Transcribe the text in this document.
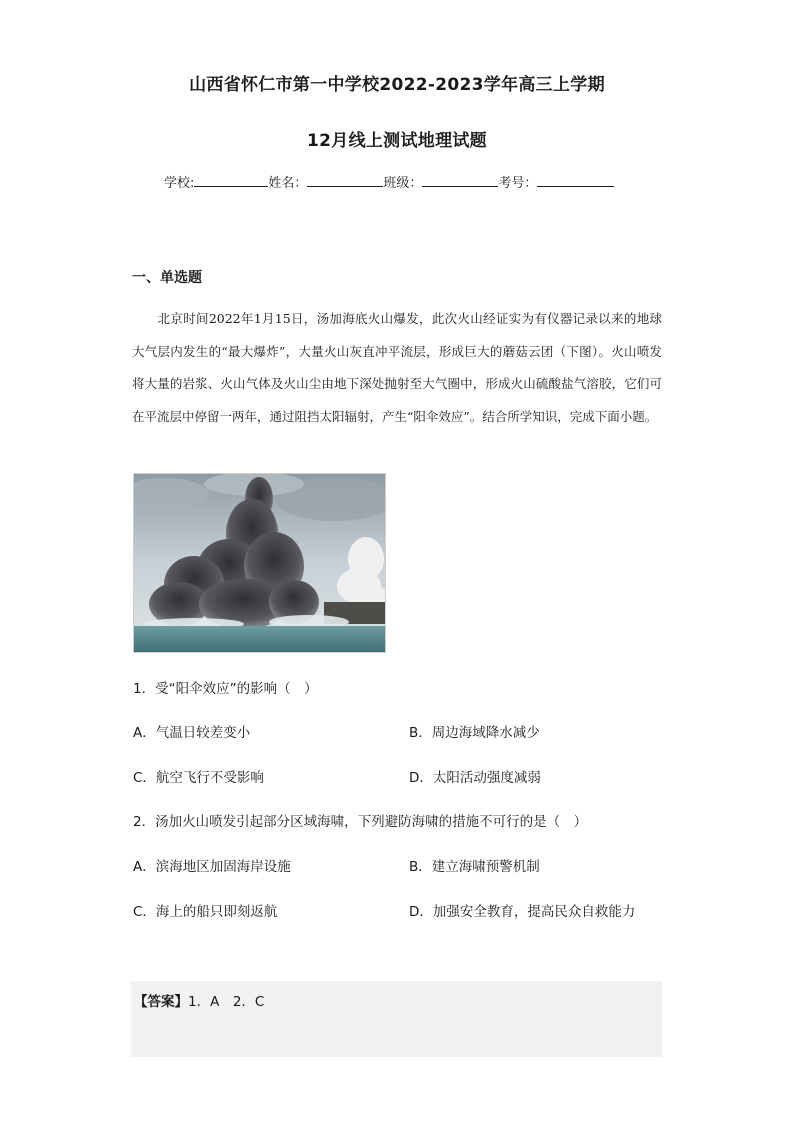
山西省怀仁市第一中学校2022-2023学年高三上学期
12月线上测试地理试题
学校:	姓名：	班级：	考号：
一、单选题
　　北京时间2022年1月15日，汤加海底火山爆发，此次火山经证实为有仪器记录以来的地球大气层内发生的“最大爆炸”，大量火山灰直冲平流层，形成巨大的蘑菇云团（下图）。火山喷发将大量的岩浆、火山气体及火山尘由地下深处抛射至大气圈中，形成火山硫酸盐气溶胶，它们可在平流层中停留一两年，通过阻挡太阳辐射，产生“阳伞效应”。结合所学知识，完成下面小题。
1．受“阳伞效应”的影响（　）
A．气温日较差变小	B．周边海域降水减少
C．航空飞行不受影响	D．太阳活动强度减弱
2．汤加火山喷发引起部分区域海啸，下列避防海啸的措施不可行的是（　）
A．滨海地区加固海岸设施	B．建立海啸预警机制
C．海上的船只即刻返航	D．加强安全教育，提高民众自救能力
【答案】1．A　2．C
